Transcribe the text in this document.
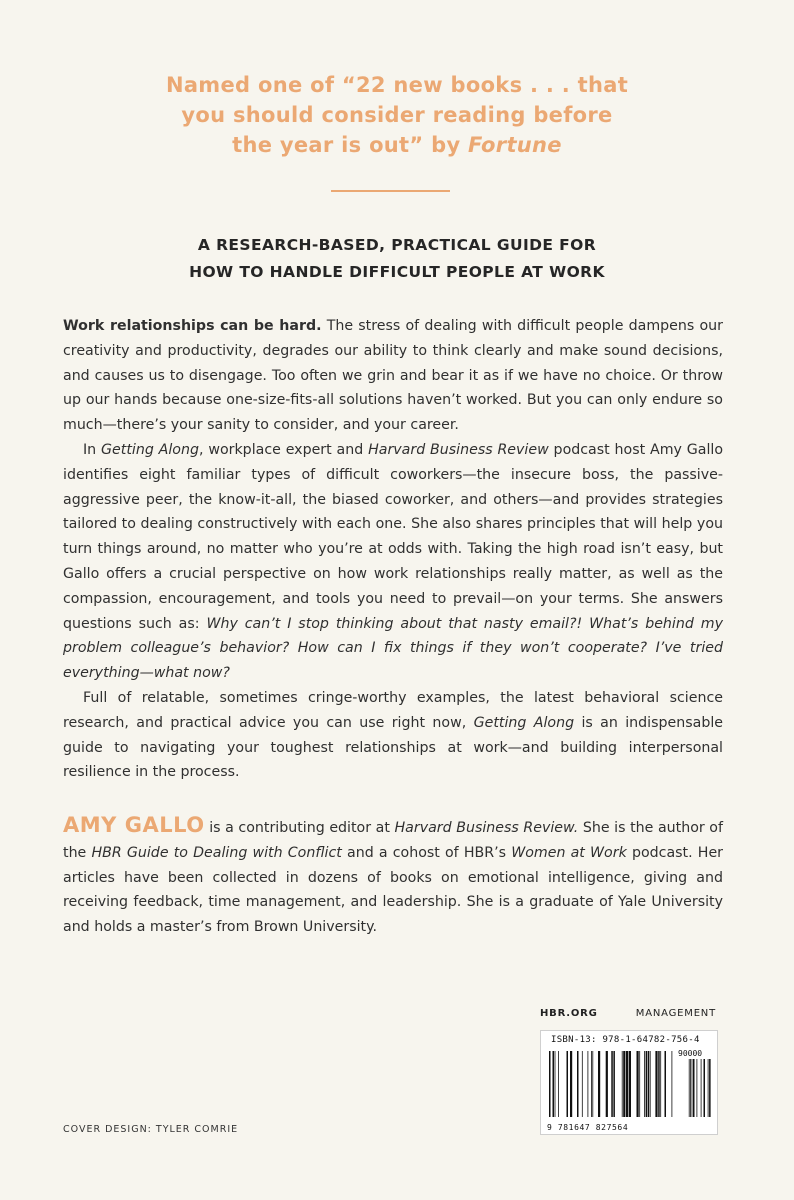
Named one of “22 new books . . . that
you should consider reading before
the year is out” by Fortune
A RESEARCH-BASED, PRACTICAL GUIDE FOR
HOW TO HANDLE DIFFICULT PEOPLE AT WORK

Work relationships can be hard. The stress of dealing with difficult people dampens our creativity and productivity, degrades our ability to think clearly and make sound decisions, and causes us to disengage. Too often we grin and bear it as if we have no choice. Or throw up our hands because one-size-fits-all solutions haven’t worked. But you can only endure so much—there’s your sanity to consider, and your career.

In Getting Along, workplace expert and Harvard Business Review podcast host Amy Gallo identifies eight familiar types of difficult coworkers—the insecure boss, the passive-aggressive peer, the know-it-all, the biased coworker, and others—and provides strategies tailored to dealing constructively with each one. She also shares principles that will help you turn things around, no matter who you’re at odds with. Taking the high road isn’t easy, but Gallo offers a crucial perspective on how work relationships really matter, as well as the compassion, encouragement, and tools you need to prevail—on your terms. She answers questions such as: Why can’t I stop thinking about that nasty email?! What’s behind my problem colleague’s behavior? How can I fix things if they won’t cooperate? I’ve tried everything—what now?

Full of relatable, sometimes cringe-worthy examples, the latest behavioral science research, and practical advice you can use right now, Getting Along is an indispensable guide to navigating your toughest relationships at work—and building interpersonal resilience in the process.

AMY GALLO is a contributing editor at Harvard Business Review. She is the author of the HBR Guide to Dealing with Conflict and a cohost of HBR’s Women at Work podcast. Her articles have been collected in dozens of books on emotional intelligence, giving and receiving feedback, time management, and leadership. She is a graduate of Yale University and holds a master’s from Brown University.
HBR.ORG	MANAGEMENT
ISBN-13: 978-1-64782-756-4
90000
9 781647 827564
COVER DESIGN: TYLER COMRIE
